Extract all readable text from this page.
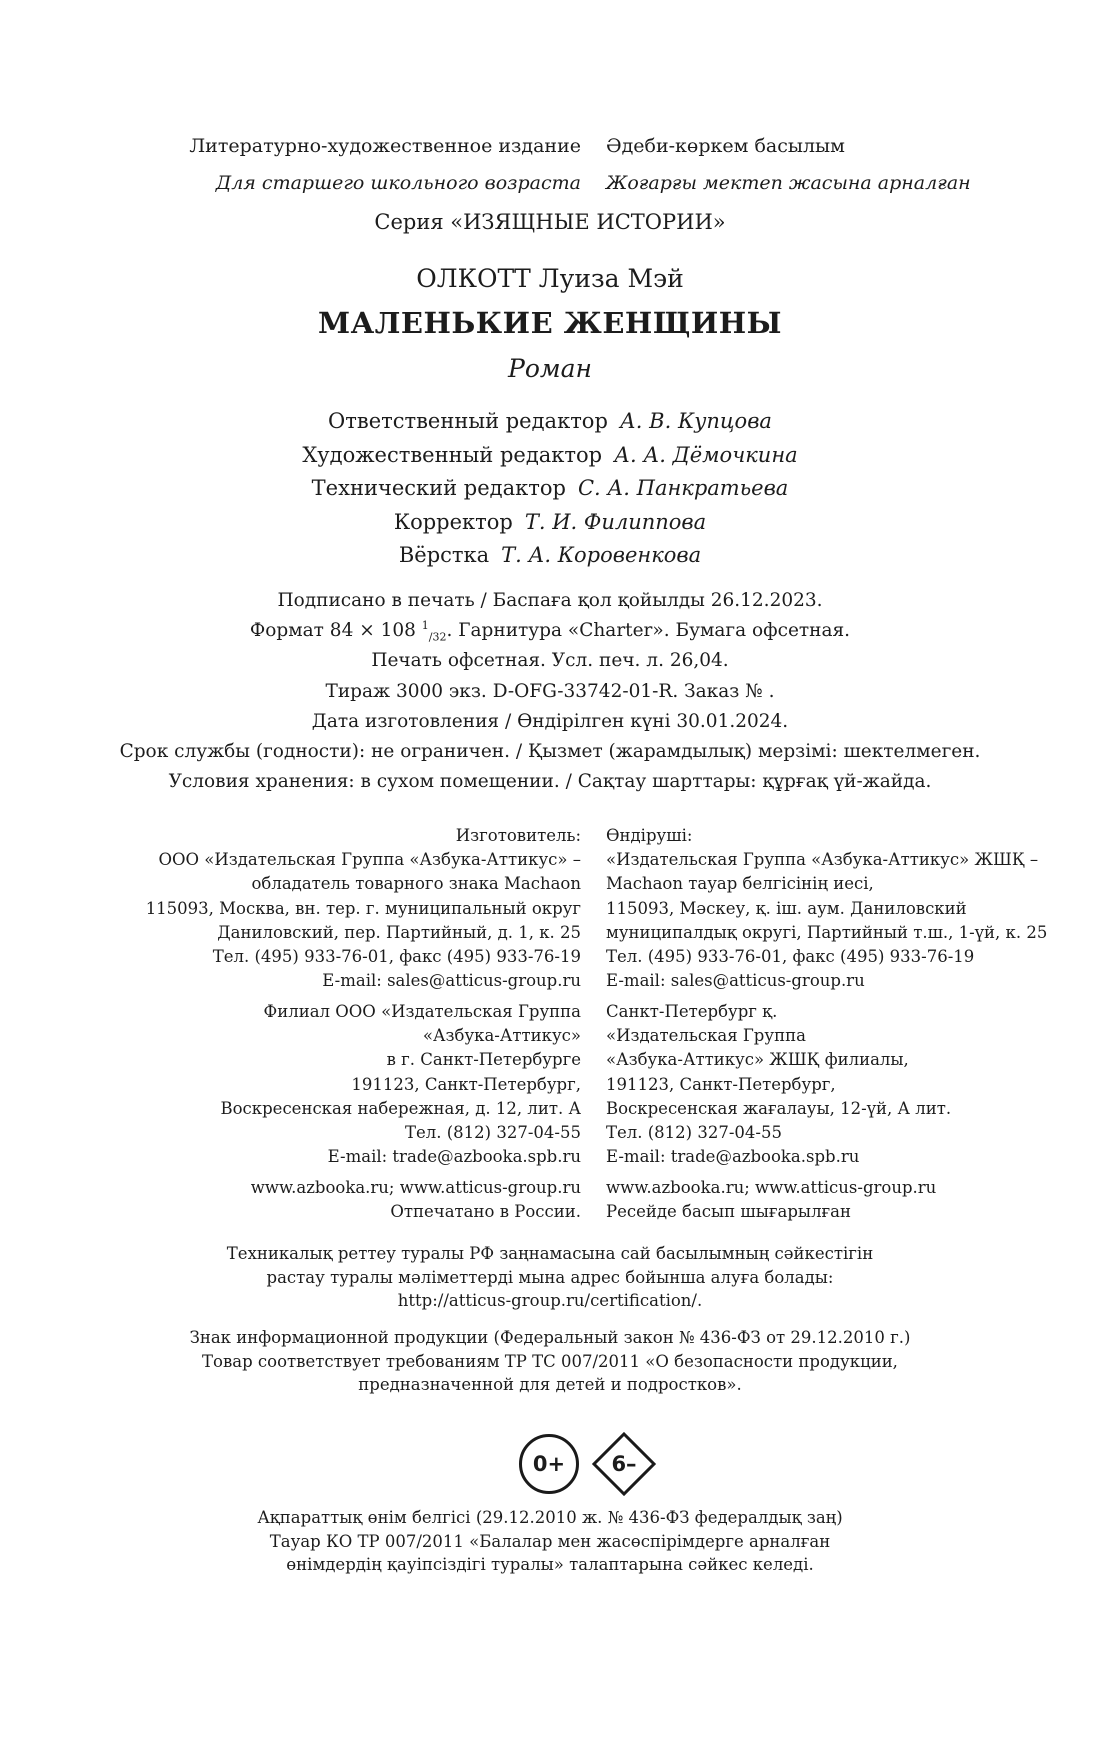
Литературно-художественное издание Әдеби-көркем басылым
Для старшего школьного возраста Жоғарғы мектеп жасына арналған
Серия «ИЗЯЩНЫЕ ИСТОРИИ»
ОЛКОТТ Луиза Мэй
МАЛЕНЬКИЕ ЖЕНЩИНЫ
Роман
Ответственный редактор А. В. Купцова
Художественный редактор А. А. Дёмочкина
Технический редактор С. А. Панкратьева
Корректор Т. И. Филиппова
Вёрстка Т. А. Коровенкова
Подписано в печать / Баспаға қол қойылды 26.12.2023.
Формат 84 × 108 $^1_{/32}$. Гарнитура «Charter». Бумага офсетная.
Печать офсетная. Усл. печ. л. 26,04.
Тираж 3000 экз. D-OFG-33742-01-R. Заказ № .
Дата изготовления / Өндірілген күні 30.01.2024.
Срок службы (годности): не ограничен. / Қызмет (жарамдылық) мерзімі: шектелмеген.
Условия хранения: в сухом помещении. / Сақтау шарттары: құрғақ үй-жайда.
Изготовитель:
ООО «Издательская Группа «Азбука-Аттикус» –
обладатель товарного знака Machaon
115093, Москва, вн. тер. г. муниципальный округ
Даниловский, пер. Партийный, д. 1, к. 25
Тел. (495) 933-76-01, факс (495) 933-76-19
E-mail: sales@atticus-group.ru
Өндіруші:
«Издательская Группа «Азбука-Аттикус» ЖШҚ –
Machaon тауар белгісінің иесі,
115093, Мәскеу, қ. іш. аум. Даниловский
муниципалдық округі, Партийный т.ш., 1-үй, к. 25
Тел. (495) 933-76-01, факс (495) 933-76-19
E-mail: sales@atticus-group.ru
Филиал ООО «Издательская Группа
«Азбука-Аттикус»
в г. Санкт-Петербурге
191123, Санкт-Петербург,
Воскресенская набережная, д. 12, лит. А
Тел. (812) 327-04-55
E-mail: trade@azbooka.spb.ru
Санкт-Петербург қ.
«Издательская Группа
«Азбука-Аттикус» ЖШҚ филиалы,
191123, Санкт-Петербург,
Воскресенская жағалауы, 12-үй, А лит.
Тел. (812) 327-04-55
E-mail: trade@azbooka.spb.ru
www.azbooka.ru; www.atticus-group.ru
Отпечатано в России.
www.azbooka.ru; www.atticus-group.ru
Ресейде басып шығарылған
Техникалық реттеу туралы РФ заңнамасына сай басылымның сәйкестігін
растау туралы мәліметтерді мына адрес бойынша алуға болады:
http://atticus-group.ru/certification/.
Знак информационной продукции (Федеральный закон № 436-ФЗ от 29.12.2010 г.)
Товар соответствует требованиям ТР ТС 007/2011 «О безопасности продукции,
предназначенной для детей и подростков».
0+	6–
Ақпараттық өнім белгісі (29.12.2010 ж. № 436-ФЗ федералдық заң)
Тауар КО ТР 007/2011 «Балалар мен жасөспірімдерге арналған
өнімдердің қауіпсіздігі туралы» талаптарына сәйкес келеді.
